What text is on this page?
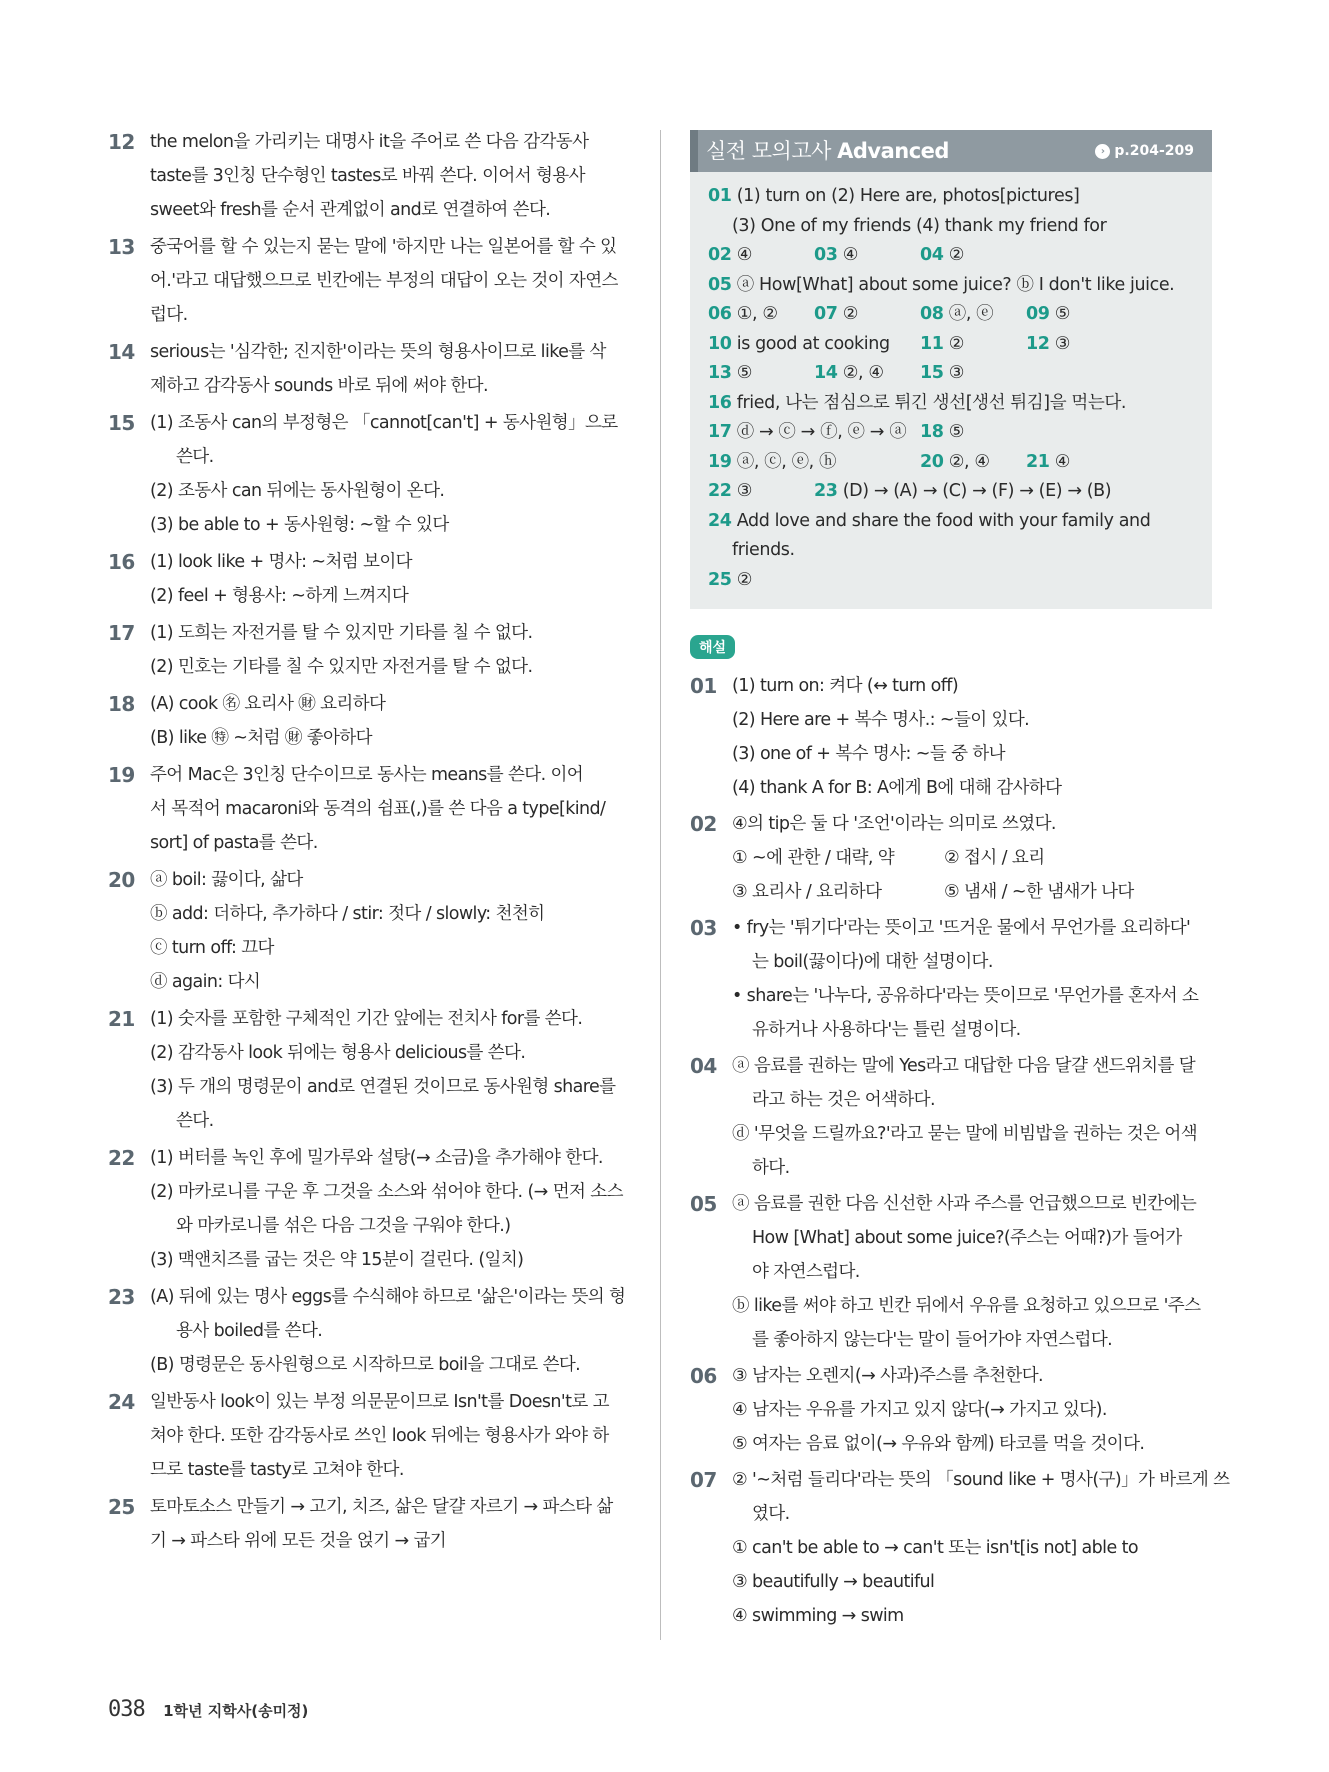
12 the melon을 가리키는 대명사 it을 주어로 쓴 다음 감각동사
taste를 3인칭 단수형인 tastes로 바꿔 쓴다. 이어서 형용사
sweet와 fresh를 순서 관계없이 and로 연결하여 쓴다.
13 중국어를 할 수 있는지 묻는 말에 '하지만 나는 일본어를 할 수 있
어.'라고 대답했으므로 빈칸에는 부정의 대답이 오는 것이 자연스
럽다.
14 serious는 '심각한; 진지한'이라는 뜻의 형용사이므로 like를 삭
제하고 감각동사 sounds 바로 뒤에 써야 한다.
15 (1) 조동사 can의 부정형은 「cannot[can't] + 동사원형」으로
쓴다.
(2) 조동사 can 뒤에는 동사원형이 온다.
(3) be able to + 동사원형: ~할 수 있다
16 (1) look like + 명사: ~처럼 보이다
(2) feel + 형용사: ~하게 느껴지다
17 (1) 도희는 자전거를 탈 수 있지만 기타를 칠 수 없다.
(2) 민호는 기타를 칠 수 있지만 자전거를 탈 수 없다.
18 (A) cook ㊔ 요리사 ㊖ 요리하다
(B) like ㊕ ~처럼 ㊖ 좋아하다
19 주어 Mac은 3인칭 단수이므로 동사는 means를 쓴다. 이어
서 목적어 macaroni와 동격의 쉼표(,)를 쓴 다음 a type[kind/
sort] of pasta를 쓴다.
20 ⓐ boil: 끓이다, 삶다
ⓑ add: 더하다, 추가하다 / stir: 젓다 / slowly: 천천히
ⓒ turn off: 끄다
ⓓ again: 다시
21 (1) 숫자를 포함한 구체적인 기간 앞에는 전치사 for를 쓴다.
(2) 감각동사 look 뒤에는 형용사 delicious를 쓴다.
(3) 두 개의 명령문이 and로 연결된 것이므로 동사원형 share를
쓴다.
22 (1) 버터를 녹인 후에 밀가루와 설탕(→ 소금)을 추가해야 한다.
(2) 마카로니를 구운 후 그것을 소스와 섞어야 한다. (→ 먼저 소스
와 마카로니를 섞은 다음 그것을 구워야 한다.)
(3) 맥앤치즈를 굽는 것은 약 15분이 걸린다. (일치)
23 (A) 뒤에 있는 명사 eggs를 수식해야 하므로 '삶은'이라는 뜻의 형
용사 boiled를 쓴다.
(B) 명령문은 동사원형으로 시작하므로 boil을 그대로 쓴다.
24 일반동사 look이 있는 부정 의문문이므로 Isn't를 Doesn't로 고
쳐야 한다. 또한 감각동사로 쓰인 look 뒤에는 형용사가 와야 하
므로 taste를 tasty로 고쳐야 한다.
25 토마토소스 만들기 → 고기, 치즈, 삶은 달걀 자르기 → 파스타 삶
기 → 파스타 위에 모든 것을 얹기 → 굽기
실전 모의고사 Advanced	› p.204-209
01 (1) turn on (2) Here are, photos[pictures]
(3) One of my friends (4) thank my friend for
02 ④	03 ④	04 ②
05 ⓐ How[What] about some juice? ⓑ I don't like juice.
06 ①, ② 07 ②	08 ⓐ, ⓔ 09 ⑤
10 is good at cooking 11 ②	12 ③
13 ⑤	14 ②, ④ 15 ③
16 fried, 나는 점심으로 튀긴 생선[생선 튀김]을 먹는다.
17 ⓓ → ⓒ → ⓕ, ⓔ → ⓐ 18 ⑤
19 ⓐ, ⓒ, ⓔ, ⓗ	20 ②, ④ 21 ④
22 ③	23 (D) → (A) → (C) → (F) → (E) → (B)
24 Add love and share the food with your family and
friends.
25 ②
해설
01 (1) turn on: 켜다 (↔ turn off)
(2) Here are + 복수 명사.: ~들이 있다.
(3) one of + 복수 명사: ~들 중 하나
(4) thank A for B: A에게 B에 대해 감사하다
02 ④의 tip은 둘 다 '조언'이라는 의미로 쓰였다.
① ~에 관한 / 대략, 약	② 접시 / 요리
③ 요리사 / 요리하다	⑤ 냄새 / ~한 냄새가 나다
03 • fry는 '튀기다'라는 뜻이고 '뜨거운 물에서 무언가를 요리하다'
는 boil(끓이다)에 대한 설명이다.
• share는 '나누다, 공유하다'라는 뜻이므로 '무언가를 혼자서 소
유하거나 사용하다'는 틀린 설명이다.
04 ⓐ 음료를 권하는 말에 Yes라고 대답한 다음 달걀 샌드위치를 달
라고 하는 것은 어색하다.
ⓓ '무엇을 드릴까요?'라고 묻는 말에 비빔밥을 권하는 것은 어색
하다.
05 ⓐ 음료를 권한 다음 신선한 사과 주스를 언급했으므로 빈칸에는
How [What] about some juice?(주스는 어때?)가 들어가
야 자연스럽다.
ⓑ like를 써야 하고 빈칸 뒤에서 우유를 요청하고 있으므로 '주스
를 좋아하지 않는다'는 말이 들어가야 자연스럽다.
06 ③ 남자는 오렌지(→ 사과)주스를 추천한다.
④ 남자는 우유를 가지고 있지 않다(→ 가지고 있다).
⑤ 여자는 음료 없이(→ 우유와 함께) 타코를 먹을 것이다.
07 ② '~처럼 들리다'라는 뜻의 「sound like + 명사(구)」가 바르게 쓰
였다.
① can't be able to → can't 또는 isn't[is not] able to
③ beautifully → beautiful
④ swimming → swim
038 1학년 지학사(송미정)
